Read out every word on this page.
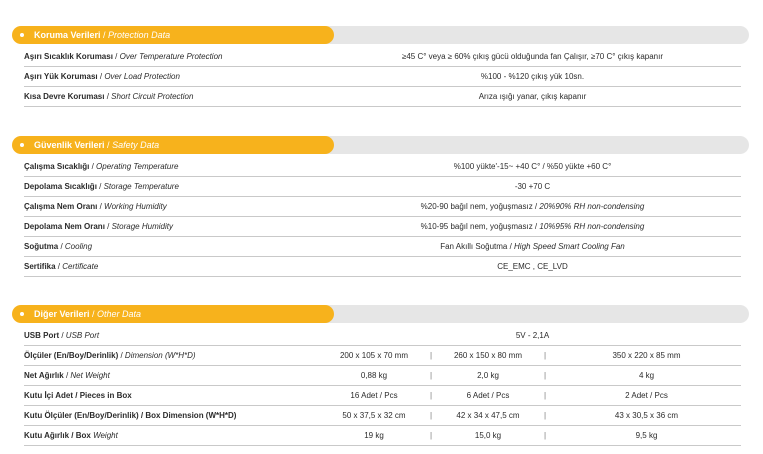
Koruma Verileri / Protection Data
Aşırı Sıcaklık Koruması / Over Temperature Protection	≥45 C° veya ≥ 60% çıkış gücü olduğunda fan Çalışır, ≥70 C° çıkış kapanır
Aşırı Yük Koruması / Over Load Protection	%100 - %120 çıkış yük 10sn.
Kısa Devre Koruması / Short Circuit Protection	Arıza ışığı yanar, çıkış kapanır
Güvenlik Verileri / Safety Data
Çalışma Sıcaklığı / Operating Temperature	%100 yükte'-15~ +40 C° / %50 yükte +60 C°
Depolama Sıcaklığı / Storage Temperature	-30 +70 C
Çalışma Nem Oranı / Working Humidity	%20-90 bağıl nem, yoğuşmasız / 20%90% RH non-condensing
Depolama Nem Oranı / Storage Humidity	%10-95 bağıl nem, yoğuşmasız / 10%95% RH non-condensing
Soğutma / Cooling	Fan Akıllı Soğutma / High Speed Smart Cooling Fan
Sertifika / Certificate	CE_EMC , CE_LVD
Diğer Verileri / Other Data
USB Port / USB Port	5V - 2,1A
Ölçüler (En/Boy/Derinlik) / Dimension (W*H*D)	200 x 105 x 70 mm	|	260 x 150 x 80 mm	|	350 x 220 x 85 mm
Net Ağırlık / Net Weight	0,88 kg	|	2,0 kg	|	4 kg
Kutu İçi Adet / Pieces in Box	16 Adet / Pcs	|	6 Adet / Pcs	|	2 Adet / Pcs
Kutu Ölçüler (En/Boy/Derinlik) / Box Dimension (W*H*D)	50 x 37,5 x 32 cm	|	42 x 34 x 47,5 cm	|	43 x 30,5 x 36 cm
Kutu Ağırlık / Box Weight	19 kg	|	15,0 kg	|	9,5 kg
